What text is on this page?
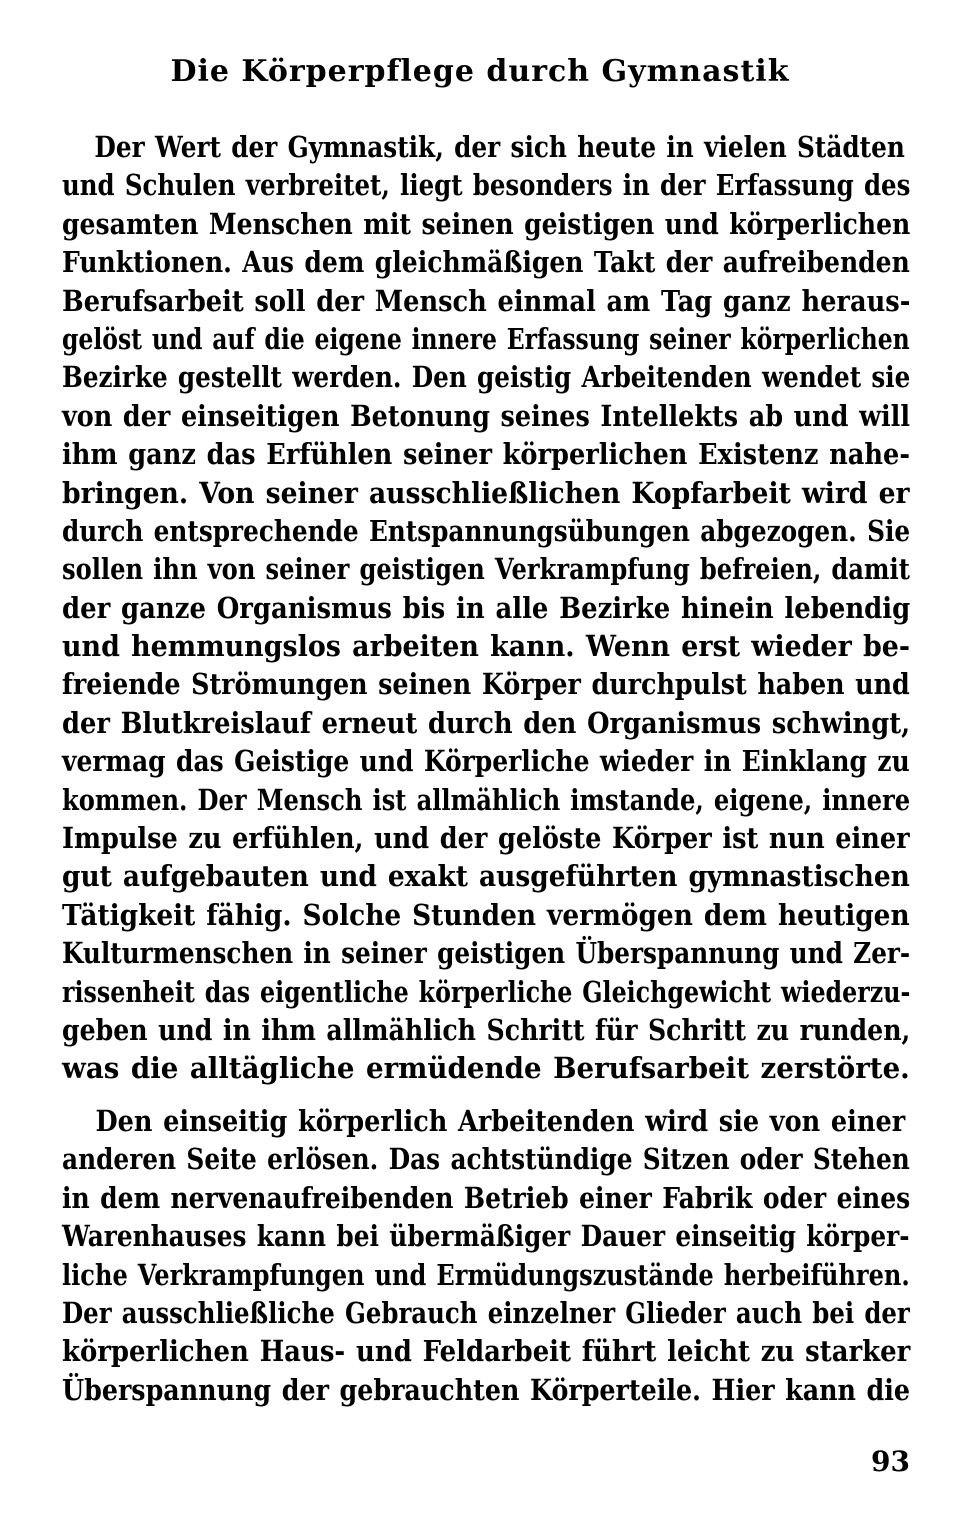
Die Körperpflege durch Gymnastik
Der Wert der Gymnastik, der sich heute in vielen Städten
und Schulen verbreitet, liegt besonders in der Erfassung des
gesamten Menschen mit seinen geistigen und körperlichen
Funktionen. Aus dem gleichmäßigen Takt der aufreibenden
Berufsarbeit soll der Mensch einmal am Tag ganz heraus-
gelöst und auf die eigene innere Erfassung seiner körperlichen
Bezirke gestellt werden. Den geistig Arbeitenden wendet sie
von der einseitigen Betonung seines Intellekts ab und will
ihm ganz das Erfühlen seiner körperlichen Existenz nahe-
bringen. Von seiner ausschließlichen Kopfarbeit wird er
durch entsprechende Entspannungsübungen abgezogen. Sie
sollen ihn von seiner geistigen Verkrampfung befreien, damit
der ganze Organismus bis in alle Bezirke hinein lebendig
und hemmungslos arbeiten kann. Wenn erst wieder be-
freiende Strömungen seinen Körper durchpulst haben und
der Blutkreislauf erneut durch den Organismus schwingt,
vermag das Geistige und Körperliche wieder in Einklang zu
kommen. Der Mensch ist allmählich imstande, eigene, innere
Impulse zu erfühlen, und der gelöste Körper ist nun einer
gut aufgebauten und exakt ausgeführten gymnastischen
Tätigkeit fähig. Solche Stunden vermögen dem heutigen
Kulturmenschen in seiner geistigen Überspannung und Zer-
rissenheit das eigentliche körperliche Gleichgewicht wiederzu-
geben und in ihm allmählich Schritt für Schritt zu runden,
was die alltägliche ermüdende Berufsarbeit zerstörte.
Den einseitig körperlich Arbeitenden wird sie von einer
anderen Seite erlösen. Das achtstündige Sitzen oder Stehen
in dem nervenaufreibenden Betrieb einer Fabrik oder eines
Warenhauses kann bei übermäßiger Dauer einseitig körper-
liche Verkrampfungen und Ermüdungszustände herbeiführen.
Der ausschließliche Gebrauch einzelner Glieder auch bei der
körperlichen Haus- und Feldarbeit führt leicht zu starker
Überspannung der gebrauchten Körperteile. Hier kann die
93
